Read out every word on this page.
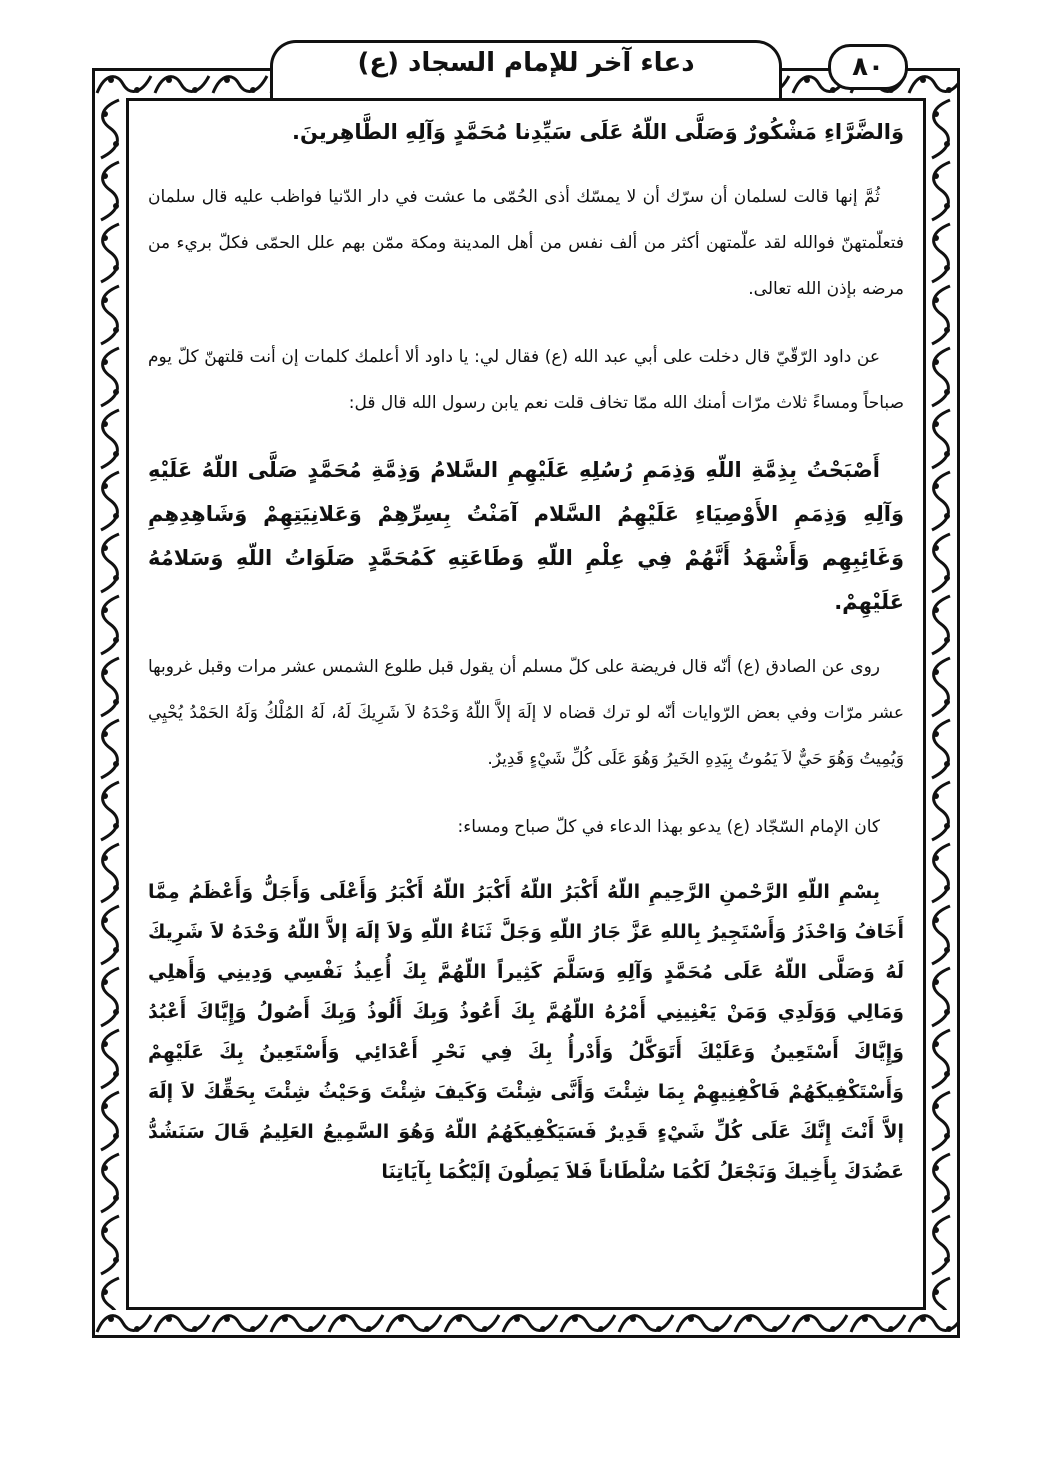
دعاء آخر للإمام السجاد (ع)	٨٠

وَالضَّرَّاءِ مَشْكُورٌ وَصَلَّى اللّهُ عَلَى سَيِّدِنا مُحَمَّدٍ وَآلِهِ الطَّاهِرينَ.

ثُمَّ إنها قالت لسلمان أن سرّك أن لا يمسّك أذى الحُمّى ما عشت في دار الدّنيا فواظب عليه قال سلمان فتعلّمتهنّ فوالله لقد علّمتهن أكثر من ألف نفس من أهل المدينة ومكة ممّن بهم علل الحمّى فكلّ بريء من مرضه بإذن الله تعالى.

عن داود الرّقّيّ قال دخلت على أبي عبد الله (ع) فقال لي: يا داود ألا أعلمك كلمات إن أنت قلتهنّ كلّ يوم صباحاً ومساءً ثلاث مرّات أمنك الله ممّا تخاف قلت نعم يابن رسول الله قال قل:

أَصْبَحْتُ بِذِمَّةِ اللّهِ وَذِمَمِ رُسُلِهِ عَلَيْهِمِ السَّلامُ وَذِمَّةِ مُحَمَّدٍ صَلَّى اللّهُ عَلَيْهِ وَآلِهِ وَذِمَمِ الأَوْصِيَاءِ عَلَيْهِمُ السَّلام آمَنْتُ بِسِرِّهِمْ وَعَلانِيَتِهِمْ وَشَاهِدِهِمِ وَغَائِبِهِم وَأَشْهَدُ أَنَّهُمْ فِي عِلْمِ اللّهِ وَطَاعَتِهِ كَمُحَمَّدٍ صَلَوَاتُ اللّهِ وَسَلامُهُ عَلَيْهِمْ.

روى عن الصادق (ع) أنّه قال فريضة على كلّ مسلم أن يقول قبل طلوع الشمس عشر مرات وقبل غروبها عشر مرّات وفي بعض الرّوايات أنّه لو ترك قضاه لا إلَهَ إلاَّ اللّهُ وَحْدَهُ لاَ شَرِيكَ لَهُ، لَهُ المُلْكُ وَلَهُ الحَمْدُ يُحْيِي وَيُمِيتُ وَهُوَ حَيٌّ لاَ يَمُوتُ بِيَدِهِ الخَيرُ وَهُوَ عَلَى كُلِّ شَيْءٍ قَدِيرٌ.

كان الإمام السّجّاد (ع) يدعو بهذا الدعاء في كلّ صباح ومساء:

بِسْمِ اللّهِ الرَّحْمنِ الرَّحِيمِ اللّهُ أَكْبَرُ اللّهُ أَكْبَرُ اللّهُ أَكْبَرُ وَأَعْلَى وَأَجَلُّ وَأَعْظَمُ مِمَّا أَخَافُ وَاحْذَرُ وَأَسْتَجِيرُ بِاللهِ عَزَّ جَارُ اللّهِ وَجَلَّ ثَنَاءُ اللّهِ وَلاَ إلَهَ إلاَّ اللّهُ وَحْدَهُ لاَ شَرِيكَ لَهُ وَصَلَّى اللّهُ عَلَى مُحَمَّدٍ وَآلِهِ وَسَلَّمَ كَثِيراً اللّهُمَّ بِكَ أُعِيذُ نَفْسِي وَدِينِي وَأَهلِي وَمَالِي وَوَلَدِي وَمَنْ يَعْنِينِي أَمْرُهُ اللّهُمَّ بِكَ أَعُوذُ وَبِكَ أَلُوذُ وَبِكَ أَصُولُ وَإِيَّاكَ أَعْبُدُ وَإِيَّاكَ أَسْتَعِينُ وَعَلَيْكَ أَتَوَكَّلُ وَأَدْرأُ بِكَ فِي نَحْرِ أَعْدَائِي وَأَسْتَعِينُ بِكَ عَلَيْهِمْ وَأَسْتَكْفِيكَهُمْ فَاكْفِنِيهِمْ بِمَا شِئْتَ وَأَنَّى شِئْتَ وَكَيفَ شِئْتَ وَحَيْثُ شِئْتَ بِحَقِّكَ لاَ إلَهَ إلاَّ أَنْتَ إِنَّكَ عَلَى كُلِّ شَيْءٍ قَدِيرٌ فَسَيَكْفِيكَهُمُ اللّهُ وَهُوَ السَّمِيعُ العَلِيمُ قَالَ سَنَشُدُّ عَضُدَكَ بِأَخِيكَ وَنَجْعَلُ لَكُمَا سُلْطَاناً فَلاَ يَصِلُونَ إلَيْكُمَا بِآيَاتِنَا
